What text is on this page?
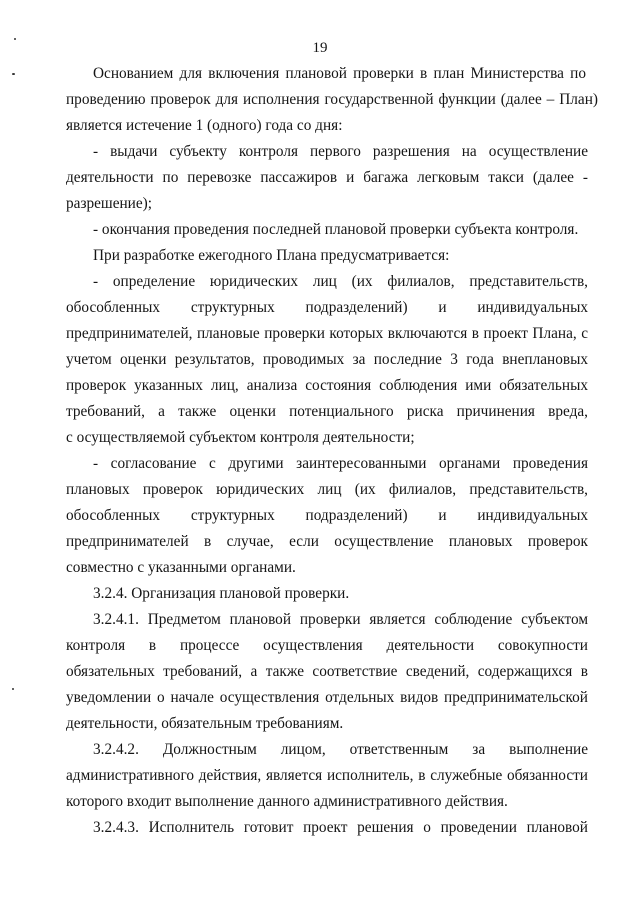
19
Основанием для включения плановой проверки в план Министерства по
проведению проверок для исполнения государственной функции (далее – План)
является истечение 1 (одного) года со дня:
- выдачи субъекту контроля первого разрешения на осуществление
деятельности по перевозке пассажиров и багажа легковым такси (далее -
разрешение);
- окончания проведения последней плановой проверки субъекта контроля.
При разработке ежегодного Плана предусматривается:
- определение юридических лиц (их филиалов, представительств,
обособленных структурных подразделений) и индивидуальных
предпринимателей, плановые проверки которых включаются в проект Плана, с
учетом оценки результатов, проводимых за последние 3 года внеплановых
проверок указанных лиц, анализа состояния соблюдения ими обязательных
требований, а также оценки потенциального риска причинения вреда,
с осуществляемой субъектом контроля деятельности;
- согласование с другими заинтересованными органами проведения
плановых проверок юридических лиц (их филиалов, представительств,
обособленных структурных подразделений) и индивидуальных
предпринимателей в случае, если осуществление плановых проверок
совместно с указанными органами.
3.2.4. Организация плановой проверки.
3.2.4.1. Предметом плановой проверки является соблюдение субъектом
контроля в процессе осуществления деятельности совокупности
обязательных требований, а также соответствие сведений, содержащихся в
уведомлении о начале осуществления отдельных видов предпринимательской
деятельности, обязательным требованиям.
3.2.4.2. Должностным лицом, ответственным за выполнение
административного действия, является исполнитель, в служебные обязанности
которого входит выполнение данного административного действия.
3.2.4.3. Исполнитель готовит проект решения о проведении плановой
